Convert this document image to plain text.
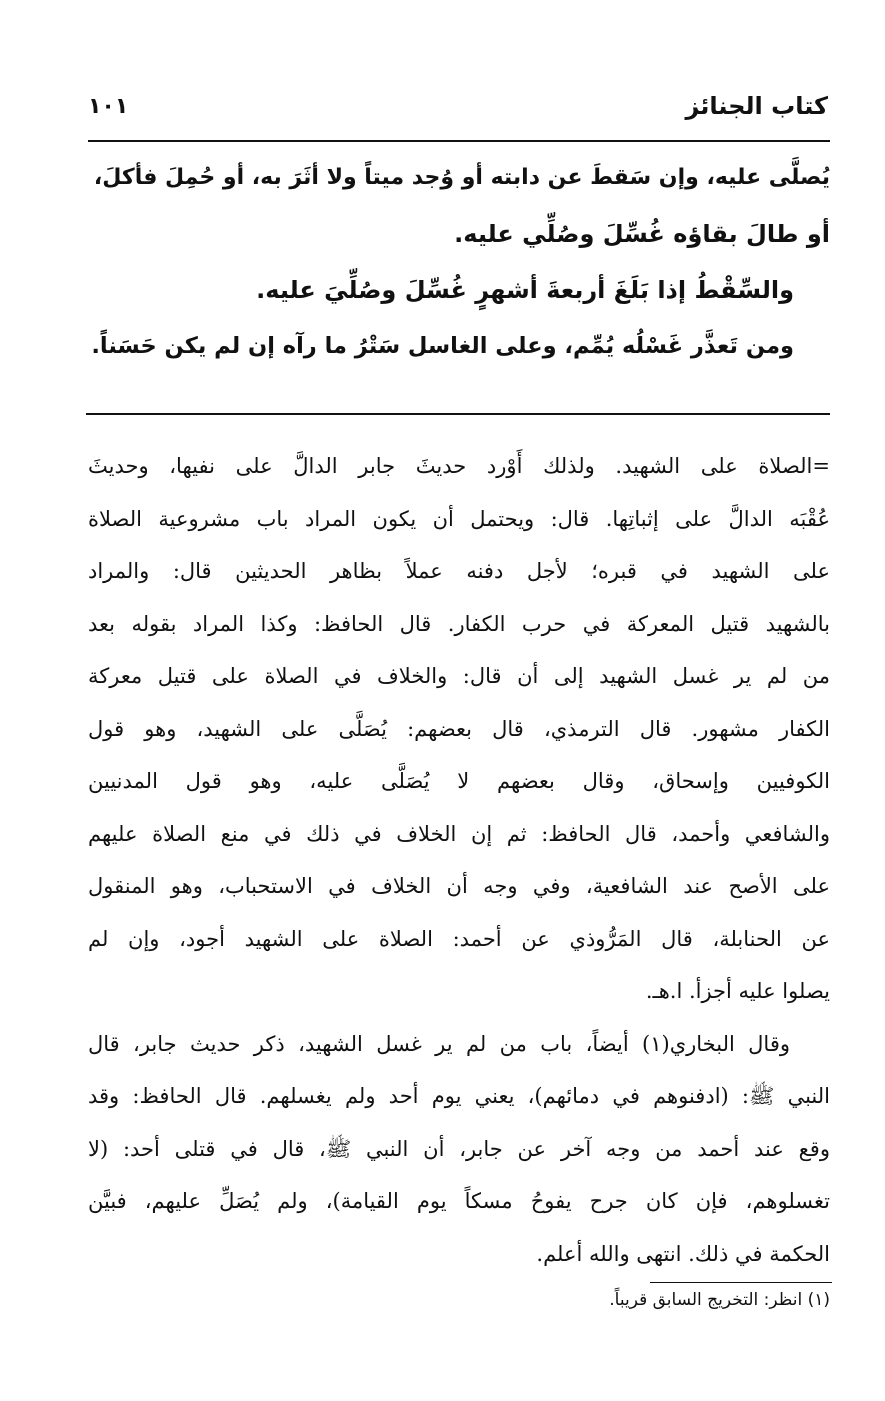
كتاب الجنائز
١٠١

يُصلَّى عليه، وإن سَقطَ عن دابته أو وُجد ميتاً ولا أثَرَ به، أو حُمِلَ فأكلَ،

أو طالَ بقاؤه غُسِّلَ وصُلِّي عليه.

والسِّقْطُ إذا بَلَغَ أربعةَ أشهرٍ غُسِّلَ وصُلِّيَ عليه.

ومن تَعذَّر غَسْلُه يُمِّم، وعلى الغاسل سَتْرُ ما رآه إن لم يكن حَسَناً.

=الصلاة على الشهيد. ولذلك أَوْرد حديثَ جابر الدالَّ على نفيها، وحديثَ

عُقْبَه الدالَّ على إثباتِها. قال: ويحتمل أن يكون المراد باب مشروعية الصلاة

على الشهيد في قبره؛ لأجل دفنه عملاً بظاهر الحديثين قال: والمراد

بالشهيد قتيل المعركة في حرب الكفار. قال الحافظ: وكذا المراد بقوله بعد

من لم ير غسل الشهيد إلى أن قال: والخلاف في الصلاة على قتيل معركة

الكفار مشهور. قال الترمذي، قال بعضهم: يُصَلَّى على الشهيد، وهو قول

الكوفيين وإسحاق، وقال بعضهم لا يُصَلَّى عليه، وهو قول المدنيين

والشافعي وأحمد، قال الحافظ: ثم إن الخلاف في ذلك في منع الصلاة عليهم

على الأصح عند الشافعية، وفي وجه أن الخلاف في الاستحباب، وهو المنقول

عن الحنابلة، قال المَرُّوذي عن أحمد: الصلاة على الشهيد أجود، وإن لم

يصلوا عليه أجزأ. ا.هـ.

وقال البخاري(١) أيضاً، باب من لم ير غسل الشهيد، ذكر حديث جابر، قال

النبي ﷺ: (ادفنوهم في دمائهم)، يعني يوم أحد ولم يغسلهم. قال الحافظ: وقد

وقع عند أحمد من وجه آخر عن جابر، أن النبي ﷺ، قال في قتلى أحد: (لا

تغسلوهم، فإن كان جرح يفوحُ مسكاً يوم القيامة)، ولم يُصَلِّ عليهم، فبيَّن

الحكمة في ذلك. انتهى والله أعلم.

(١) انظر: التخريج السابق قريباً.
